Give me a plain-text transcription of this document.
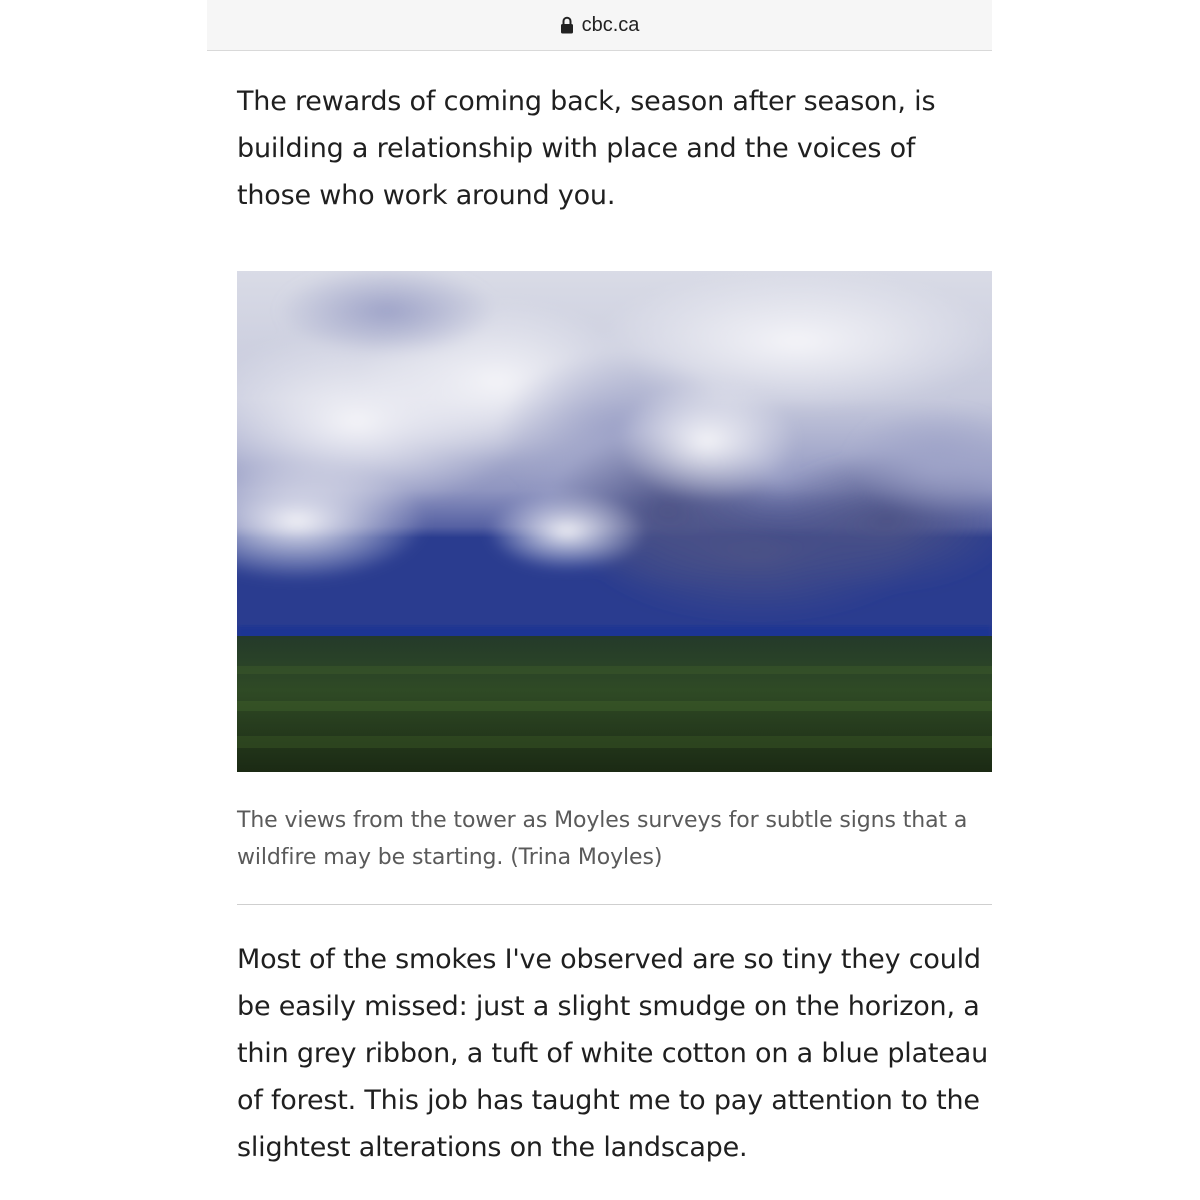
cbc.ca

The rewards of coming back, season after season, is building a relationship with place and the voices of those who work around you.

The views from the tower as Moyles surveys for subtle signs that a wildfire may be starting. (Trina Moyles)

Most of the smokes I've observed are so tiny they could be easily missed: just a slight smudge on the horizon, a thin grey ribbon, a tuft of white cotton on a blue plateau of forest. This job has taught me to pay attention to the slightest alterations on the landscape.
